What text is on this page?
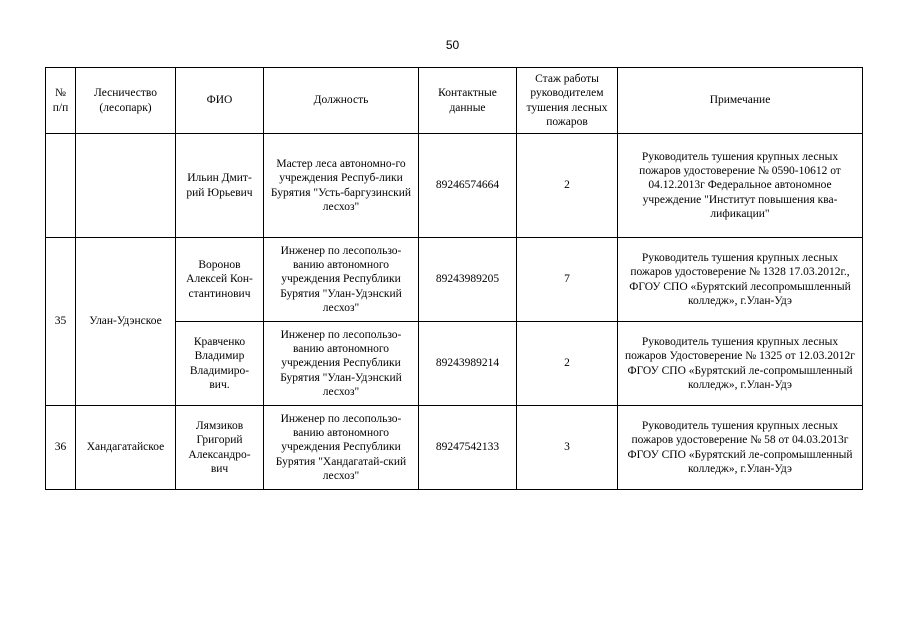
50
№ п/п	Лесничество (лесопарк)	ФИО	Должность	Контактные данные	Стаж работы руководителем тушения лесных пожаров	Примечание
		Ильин Дмит-рий Юрьевич	Мастер леса автономно-го учреждения Респуб-лики Бурятия "Усть-баргузинский лесхоз"	89246574664	2	Руководитель тушения крупных лесных пожаров удостоверение № 0590-10612 от 04.12.2013г Федеральное автономное учреждение "Институт повышения ква-лификации"
35	Улан-Удэнское	Воронов Алексей Кон-стантинович	Инженер по лесопользо-ванию автономного учреждения Республики Бурятия "Улан-Удэнский лесхоз"	89243989205	7	Руководитель тушения крупных лесных пожаров удостоверение № 1328 17.03.2012г., ФГОУ СПО «Бурятский лесопромышленный колледж», г.Улан-Удэ
		Кравченко Владимир Владимиро-вич.	Инженер по лесопользо-ванию автономного учреждения Республики Бурятия "Улан-Удэнский лесхоз"	89243989214	2	Руководитель тушения крупных лесных пожаров Удостоверение № 1325 от 12.03.2012г ФГОУ СПО «Бурятский ле-сопромышленный колледж», г.Улан-Удэ
36	Хандагатайское	Лямзиков Григорий Александро-вич	Инженер по лесопользо-ванию автономного учреждения Республики Бурятия "Хандагатай-ский лесхоз"	89247542133	3	Руководитель тушения крупных лесных пожаров удостоверение № 58 от 04.03.2013г ФГОУ СПО «Бурятский ле-сопромышленный колледж», г.Улан-Удэ
